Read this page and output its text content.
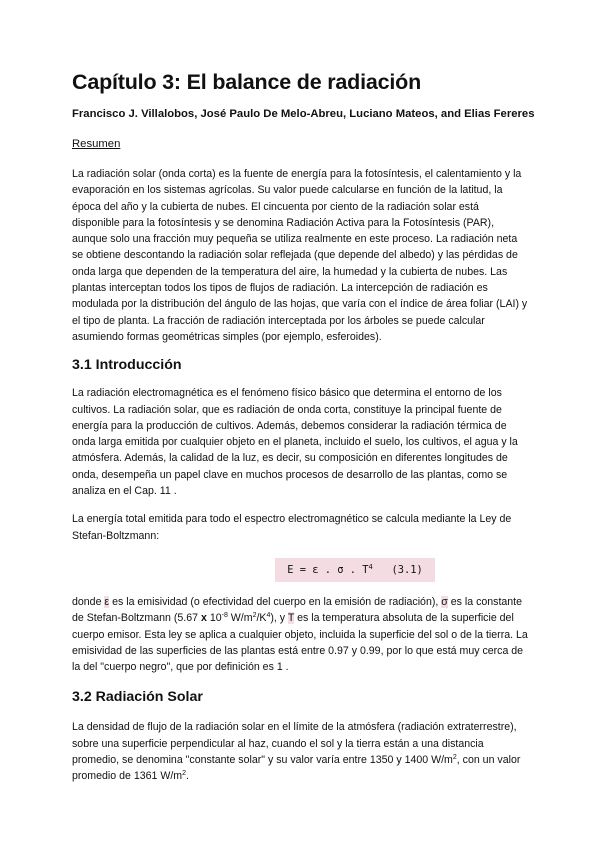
Capítulo 3: El balance de radiación
Francisco J. Villalobos, José Paulo De Melo-Abreu, Luciano Mateos, and Elias Fereres
Resumen

La radiación solar (onda corta) es la fuente de energía para la fotosíntesis, el calentamiento y la evaporación en los sistemas agrícolas. Su valor puede calcularse en función de la latitud, la época del año y la cubierta de nubes. El cincuenta por ciento de la radiación solar está disponible para la fotosíntesis y se denomina Radiación Activa para la Fotosíntesis (PAR), aunque solo una fracción muy pequeña se utiliza realmente en este proceso. La radiación neta se obtiene descontando la radiación solar reflejada (que depende del albedo) y las pérdidas de onda larga que dependen de la temperatura del aire, la humedad y la cubierta de nubes. Las plantas interceptan todos los tipos de flujos de radiación. La intercepción de radiación es modulada por la distribución del ángulo de las hojas, que varía con el índice de área foliar (LAI) y el tipo de planta. La fracción de radiación interceptada por los árboles se puede calcular asumiendo formas geométricas simples (por ejemplo, esferoides).

3.1 Introducción

La radiación electromagnética es el fenómeno físico básico que determina el entorno de los cultivos. La radiación solar, que es radiación de onda corta, constituye la principal fuente de energía para la producción de cultivos. Además, debemos considerar la radiación térmica de onda larga emitida por cualquier objeto en el planeta, incluido el suelo, los cultivos, el agua y la atmósfera. Además, la calidad de la luz, es decir, su composición en diferentes longitudes de onda, desempeña un papel clave en muchos procesos de desarrollo de las plantas, como se analiza en el Cap. 11 .

La energía total emitida para todo el espectro electromagnético se calcula mediante la Ley de Stefan-Boltzmann:

E = ε . σ . $T^4$ (3.1)

donde ε es la emisividad (o efectividad del cuerpo en la emisión de radiación), σ es la constante de Stefan-Boltzmann (5.67 x $10^{-8}$ $W/m^2/K^4$), y T es la temperatura absoluta de la superficie del cuerpo emisor. Esta ley se aplica a cualquier objeto, incluida la superficie del sol o de la tierra. La emisividad de las superficies de las plantas está entre 0.97 y 0.99, por lo que está muy cerca de la del "cuerpo negro", que por definición es 1 .

3.2 Radiación Solar

La densidad de flujo de la radiación solar en el límite de la atmósfera (radiación extraterrestre), sobre una superficie perpendicular al haz, cuando el sol y la tierra están a una distancia promedio, se denomina "constante solar" y su valor varía entre 1350 y 1400 $W/m^2$, con un valor promedio de 1361 $W/m^2$.
